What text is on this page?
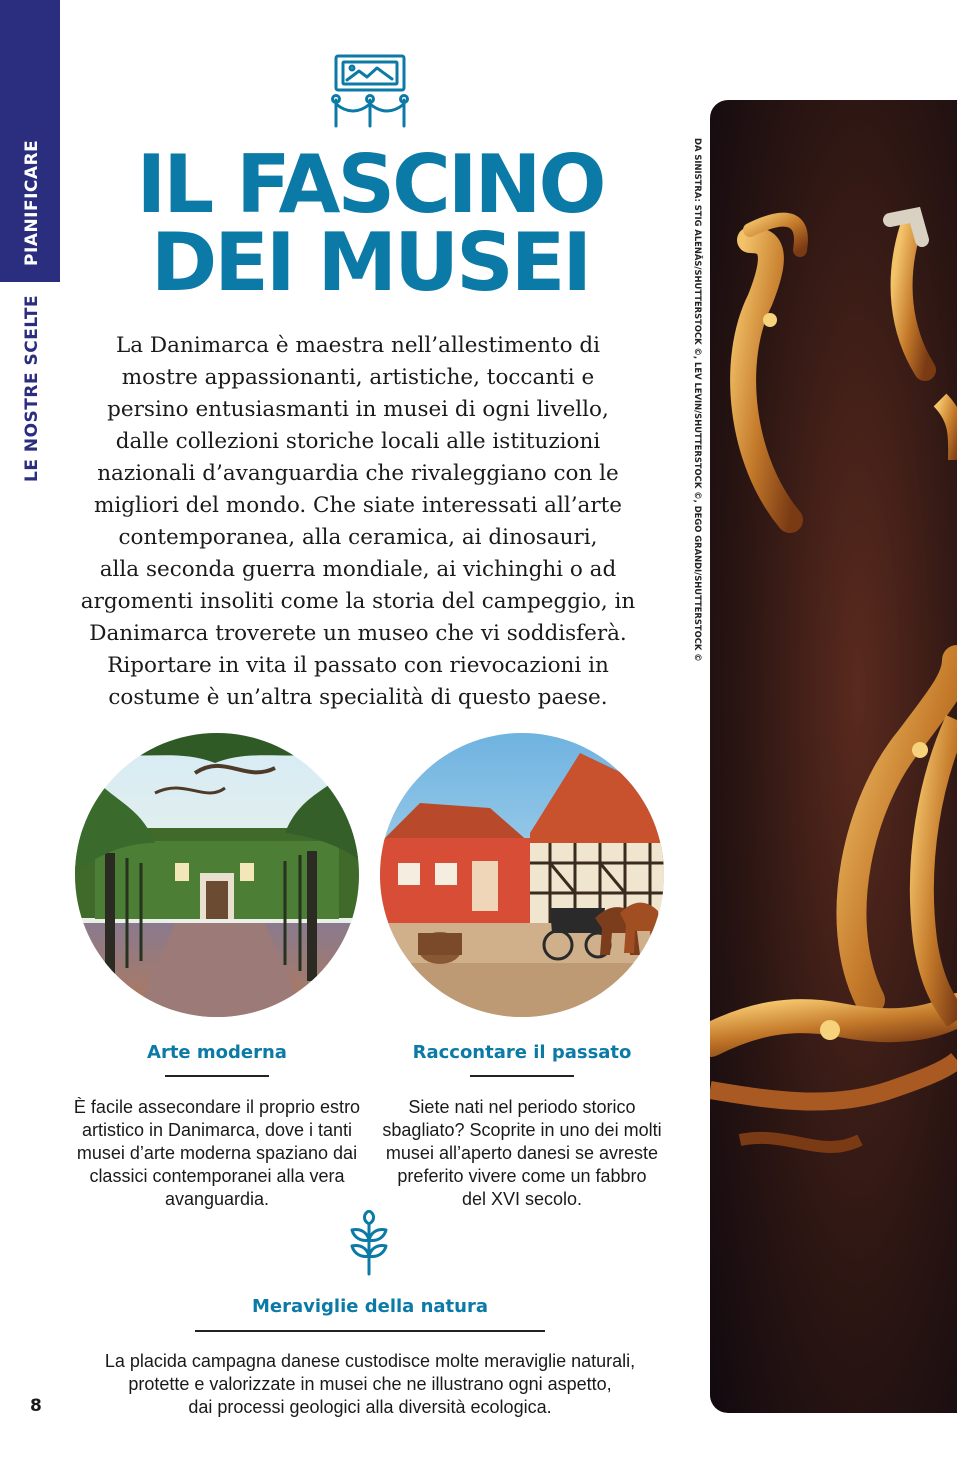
PIANIFICARE
LE NOSTRE SCELTE
IL FASCINO
DEI MUSEI

La Danimarca è maestra nell’allestimento di
mostre appassionanti, artistiche, toccanti e
persino entusiasmanti in musei di ogni livello,
dalle collezioni storiche locali alle istituzioni
nazionali d’avanguardia che rivaleggiano con le
migliori del mondo. Che siate interessati all’arte
contemporanea, alla ceramica, ai dinosauri,
alla seconda guerra mondiale, ai vichinghi o ad
argomenti insoliti come la storia del campeggio, in
Danimarca troverete un museo che vi soddisferà.
Riportare in vita il passato con rievocazioni in
costume è un’altra specialità di questo paese.

Arte moderna

È facile assecondare il proprio estro
artistico in Danimarca, dove i tanti
musei d’arte moderna spaziano dai
classici contemporanei alla vera
avanguardia.

Raccontare il passato

Siete nati nel periodo storico
sbagliato? Scoprite in uno dei molti
musei all’aperto danesi se avreste
preferito vivere come un fabbro
del XVI secolo.

Meraviglie della natura

La placida campagna danese custodisce molte meraviglie naturali,
protette e valorizzate in musei che ne illustrano ogni aspetto,
dai processi geologici alla diversità ecologica.

8
DA SINISTRA: STIG ALENÄS/SHUTTERSTOCK ©, LEV LEVIN/SHUTTERSTOCK ©, DEGO GRANDI/SHUTTERSTOCK ©
